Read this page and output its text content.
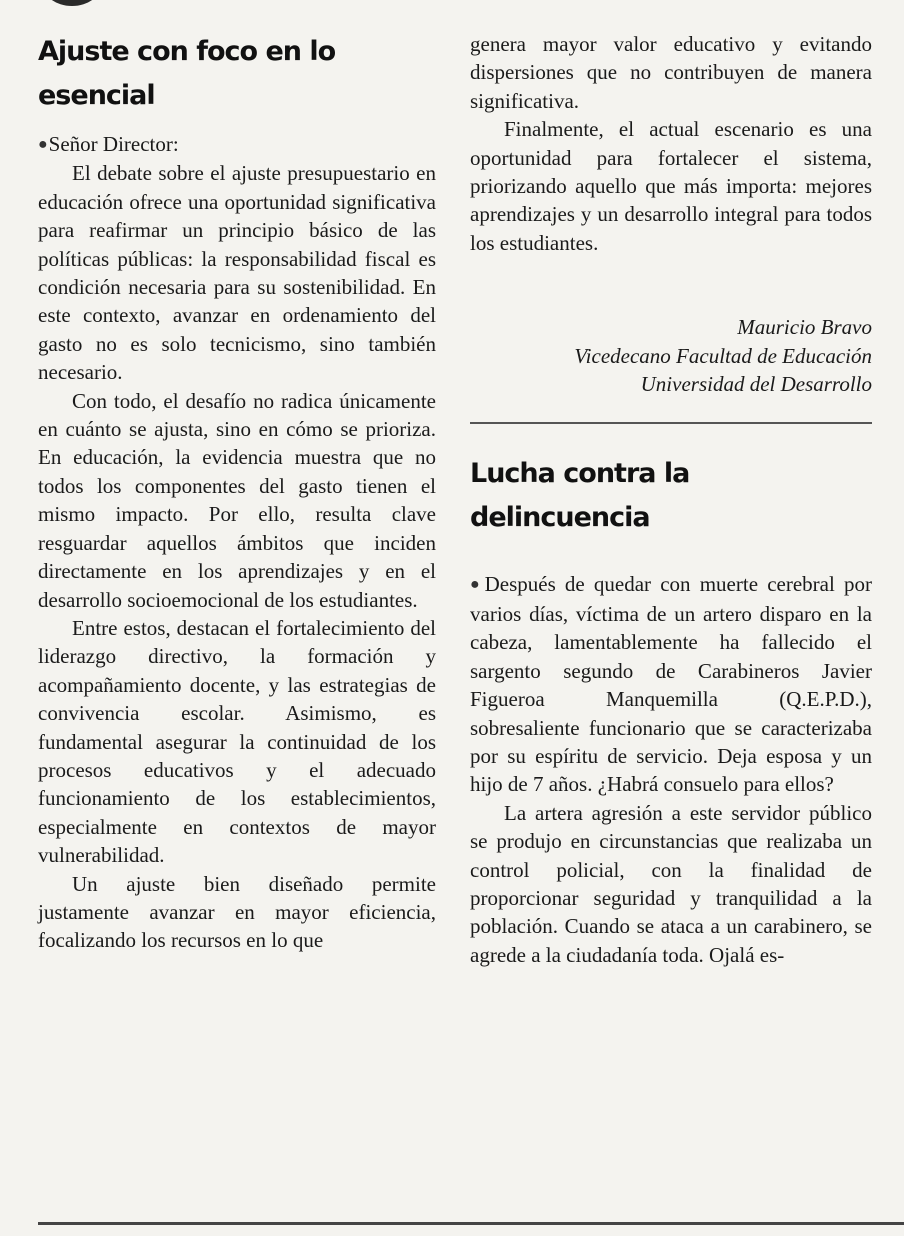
Ajuste con foco en lo esencial

●Señor Director:

El debate sobre el ajuste presupuestario en educación ofrece una oportunidad significativa para reafirmar un principio básico de las políticas públicas: la responsabilidad fiscal es condición necesaria para su sostenibilidad. En este contexto, avanzar en ordenamiento del gasto no es solo tecnicismo, sino también necesario.

Con todo, el desafío no radica únicamente en cuánto se ajusta, sino en cómo se prioriza. En educación, la evidencia muestra que no todos los componentes del gasto tienen el mismo impacto. Por ello, resulta clave resguardar aquellos ámbitos que inciden directamente en los aprendizajes y en el desarrollo socioemocional de los estudiantes.

Entre estos, destacan el fortalecimiento del liderazgo directivo, la formación y acompañamiento docente, y las estrategias de convivencia escolar. Asimismo, es fundamental asegurar la continuidad de los procesos educativos y el adecuado funcionamiento de los establecimientos, especialmente en contextos de mayor vulnerabilidad.

Un ajuste bien diseñado permite justamente avanzar en mayor eficiencia, focalizando los recursos en lo que

genera mayor valor educativo y evitando dispersiones que no contribuyen de manera significativa.

Finalmente, el actual escenario es una oportunidad para fortalecer el sistema, priorizando aquello que más importa: mejores aprendizajes y un desarrollo integral para todos los estudiantes.

Mauricio Bravo

Vicedecano Facultad de Educación

Universidad del Desarrollo

Lucha contra la delincuencia

●Después de quedar con muerte cerebral por varios días, víctima de un artero disparo en la cabeza, lamentablemente ha fallecido el sargento segundo de Carabineros Javier Figueroa Manquemilla (Q.E.P.D.), sobresaliente funcionario que se caracterizaba por su espíritu de servicio. Deja esposa y un hijo de 7 años. ¿Habrá consuelo para ellos?

La artera agresión a este servidor público se produjo en circunstancias que realizaba un control policial, con la finalidad de proporcionar seguridad y tranquilidad a la población. Cuando se ataca a un carabinero, se agrede a la ciudadanía toda. Ojalá es-
